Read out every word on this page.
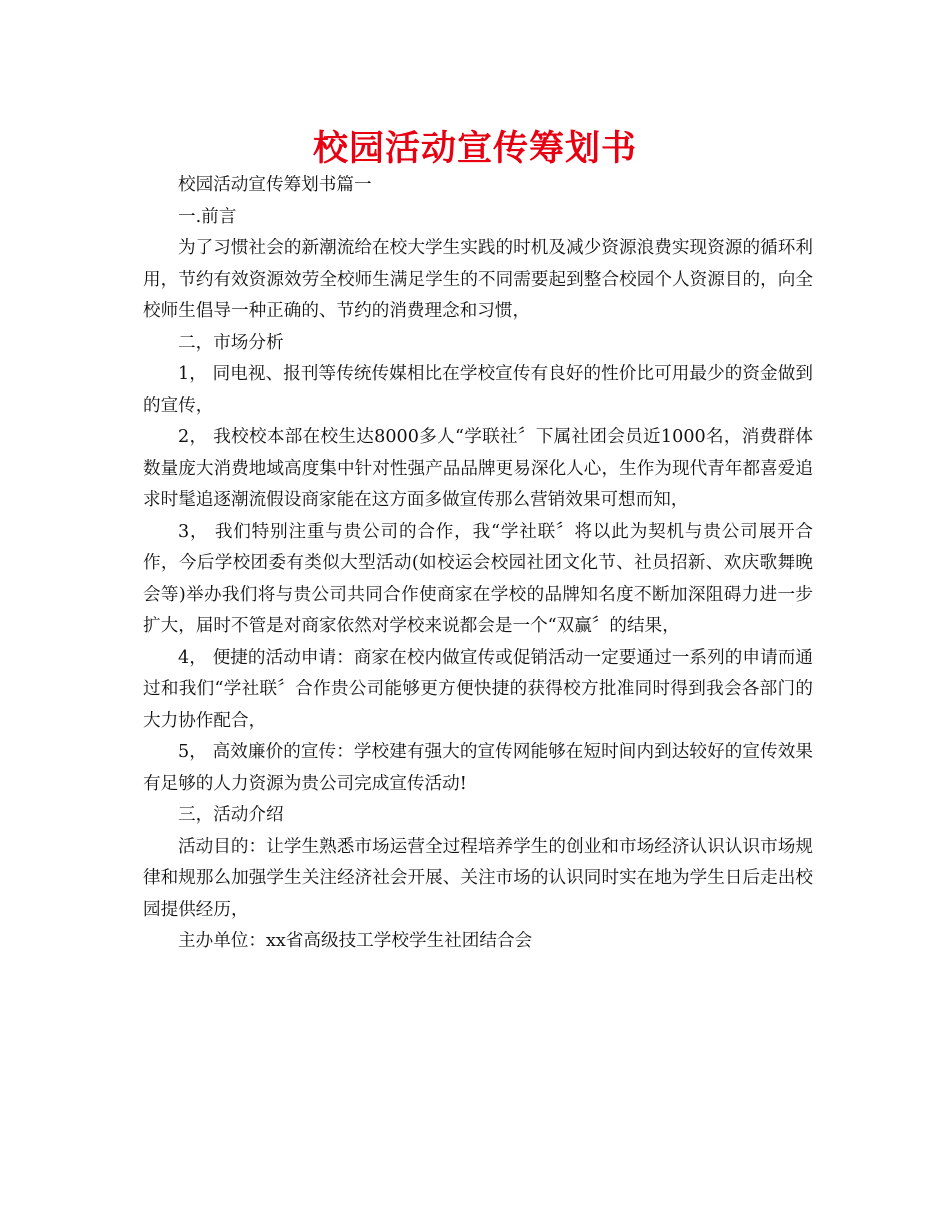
校园活动宣传筹划书

校园活动宣传筹划书篇一

一.前言

为了习惯社会的新潮流给在校大学生实践的时机及减少资源浪费实现资源的循环利用，节约有效资源效劳全校师生满足学生的不同需要起到整合校园个人资源目的，向全校师生倡导一种正确的、节约的消费理念和习惯，

二，市场分析

1， 同电视、报刊等传统传媒相比在学校宣传有良好的性价比可用最少的资金做到的宣传，

2， 我校校本部在校生达8000多人“学联社〞下属社团会员近1000名，消费群体数量庞大消费地域高度集中针对性强产品品牌更易深化人心，生作为现代青年都喜爱追求时髦追逐潮流假设商家能在这方面多做宣传那么营销效果可想而知，

3， 我们特别注重与贵公司的合作，我“学社联〞将以此为契机与贵公司展开合作，今后学校团委有类似大型活动(如校运会校园社团文化节、社员招新、欢庆歌舞晚会等)举办我们将与贵公司共同合作使商家在学校的品牌知名度不断加深阻碍力进一步扩大，届时不管是对商家依然对学校来说都会是一个“双赢〞的结果，

4， 便捷的活动申请：商家在校内做宣传或促销活动一定要通过一系列的申请而通过和我们“学社联〞合作贵公司能够更方便快捷的获得校方批准同时得到我会各部门的大力协作配合，

5， 高效廉价的宣传：学校建有强大的宣传网能够在短时间内到达较好的宣传效果有足够的人力资源为贵公司完成宣传活动!

三，活动介绍

活动目的：让学生熟悉市场运营全过程培养学生的创业和市场经济认识认识市场规律和规那么加强学生关注经济社会开展、关注市场的认识同时实在地为学生日后走出校园提供经历，

主办单位：xx省高级技工学校学生社团结合会
